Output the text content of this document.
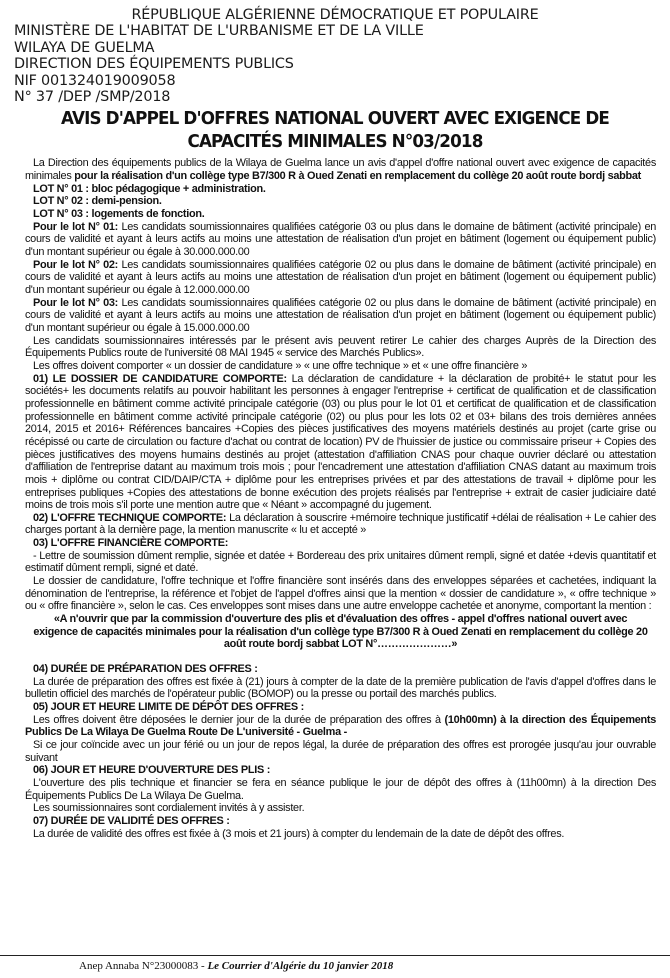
RÉPUBLIQUE ALGÉRIENNE DÉMOCRATIQUE ET POPULAIRE
MINISTÈRE DE L'HABITAT DE L'URBANISME ET DE LA VILLE
WILAYA DE GUELMA
DIRECTION DES ÉQUIPEMENTS PUBLICS
NIF 001324019009058
N° 37 /DEP /SMP/2018
AVIS D'APPEL D'OFFRES NATIONAL OUVERT AVEC EXIGENCE DE CAPACITÉS MINIMALES N°03/2018

La Direction des équipements publics de la Wilaya de Guelma lance un avis d'appel d'offre national ouvert avec exigence de capacités minimales pour la réalisation d'un collège type B7/300 R à Oued Zenati en remplacement du collège 20 août route bordj sabbat

LOT N° 01 : bloc pédagogique + administration.

LOT N° 02 : demi-pension.

LOT N° 03 : logements de fonction.

Pour le lot N° 01: Les candidats soumissionnaires qualifiées catégorie 03 ou plus dans le domaine de bâtiment (activité principale) en cours de validité et ayant à leurs actifs au moins une attestation de réalisation d'un projet en bâtiment (logement ou équipement public) d'un montant supérieur ou égale à 30.000.000.00

Pour le lot N° 02: Les candidats soumissionnaires qualifiées catégorie 02 ou plus dans le domaine de bâtiment (activité principale) en cours de validité et ayant à leurs actifs au moins une attestation de réalisation d'un projet en bâtiment (logement ou équipement public) d'un montant supérieur ou égale à 12.000.000.00

Pour le lot N° 03: Les candidats soumissionnaires qualifiées catégorie 02 ou plus dans le domaine de bâtiment (activité principale) en cours de validité et ayant à leurs actifs au moins une attestation de réalisation d'un projet en bâtiment (logement ou équipement public) d'un montant supérieur ou égale à 15.000.000.00

Les candidats soumissionnaires intéressés par le présent avis peuvent retirer Le cahier des charges Auprès de la Direction des Équipements Publics route de l'université 08 MAI 1945 « service des Marchés Publics».

Les offres doivent comporter « un dossier de candidature » « une offre technique » et « une offre financière »

01) LE DOSSIER DE CANDIDATURE COMPORTE: La déclaration de candidature + la déclaration de probité+ le statut pour les sociétés+ les documents relatifs au pouvoir habilitant les personnes à engager l'entreprise + certificat de qualification et de classification professionnelle en bâtiment comme activité principale catégorie (03) ou plus pour le lot 01 et certificat de qualification et de classification professionnelle en bâtiment comme activité principale catégorie (02) ou plus pour les lots 02 et 03+ bilans des trois dernières années 2014, 2015 et 2016+ Références bancaires +Copies des pièces justificatives des moyens matériels destinés au projet (carte grise ou récépissé ou carte de circulation ou facture d'achat ou contrat de location) PV de l'huissier de justice ou commissaire priseur + Copies des pièces justificatives des moyens humains destinés au projet (attestation d'affiliation CNAS pour chaque ouvrier déclaré ou attestation d'affiliation de l'entreprise datant au maximum trois mois ; pour l'encadrement une attestation d'affiliation CNAS datant au maximum trois mois + diplôme ou contrat CID/DAIP/CTA + diplôme pour les entreprises privées et par des attestations de travail + diplôme pour les entreprises publiques +Copies des attestations de bonne exécution des projets réalisés par l'entreprise + extrait de casier judiciaire daté moins de trois mois s'il porte une mention autre que « Néant » accompagné du jugement.

02) L'OFFRE TECHNIQUE COMPORTE: La déclaration à souscrire +mémoire technique justificatif +délai de réalisation + Le cahier des charges portant à la dernière page, la mention manuscrite « lu et accepté »

03) L'OFFRE FINANCIÈRE COMPORTE:

- Lettre de soumission dûment remplie, signée et datée + Bordereau des prix unitaires dûment rempli, signé et datée +devis quantitatif et estimatif dûment rempli, signé et daté.

Le dossier de candidature, l'offre technique et l'offre financière sont insérés dans des enveloppes séparées et cachetées, indiquant la dénomination de l'entreprise, la référence et l'objet de l'appel d'offres ainsi que la mention « dossier de candidature », « offre technique » ou « offre financière », selon le cas. Ces enveloppes sont mises dans une autre enveloppe cachetée et anonyme, comportant la mention :

«A n'ouvrir que par la commission d'ouverture des plis et d'évaluation des offres - appel d'offres national ouvert avec exigence de capacités minimales pour la réalisation d'un collège type B7/300 R à Oued Zenati en remplacement du collège 20 août route bordj sabbat LOT N°…………………»

04) DURÉE DE PRÉPARATION DES OFFRES :

La durée de préparation des offres est fixée à (21) jours à compter de la date de la première publication de l'avis d'appel d'offres dans le bulletin officiel des marchés de l'opérateur public (BOMOP) ou la presse ou portail des marchés publics.

05) JOUR ET HEURE LIMITE DE DÉPÔT DES OFFRES :

Les offres doivent être déposées le dernier jour de la durée de préparation des offres à (10h00mn) à la direction des Équipements Publics De La Wilaya De Guelma Route De L'université - Guelma -

Si ce jour coïncide avec un jour férié ou un jour de repos légal, la durée de préparation des offres est prorogée jusqu'au jour ouvrable suivant

06) JOUR ET HEURE D'OUVERTURE DES PLIS :

L'ouverture des plis technique et financier se fera en séance publique le jour de dépôt des offres à (11h00mn) à la direction Des Équipements Publics De La Wilaya De Guelma.

Les soumissionnaires sont cordialement invités à y assister.

07) DURÉE DE VALIDITÉ DES OFFRES :

La durée de validité des offres est fixée à (3 mois et 21 jours) à compter du lendemain de la date de dépôt des offres.

Anep Annaba N°23000083 - Le Courrier d'Algérie du 10 janvier 2018
